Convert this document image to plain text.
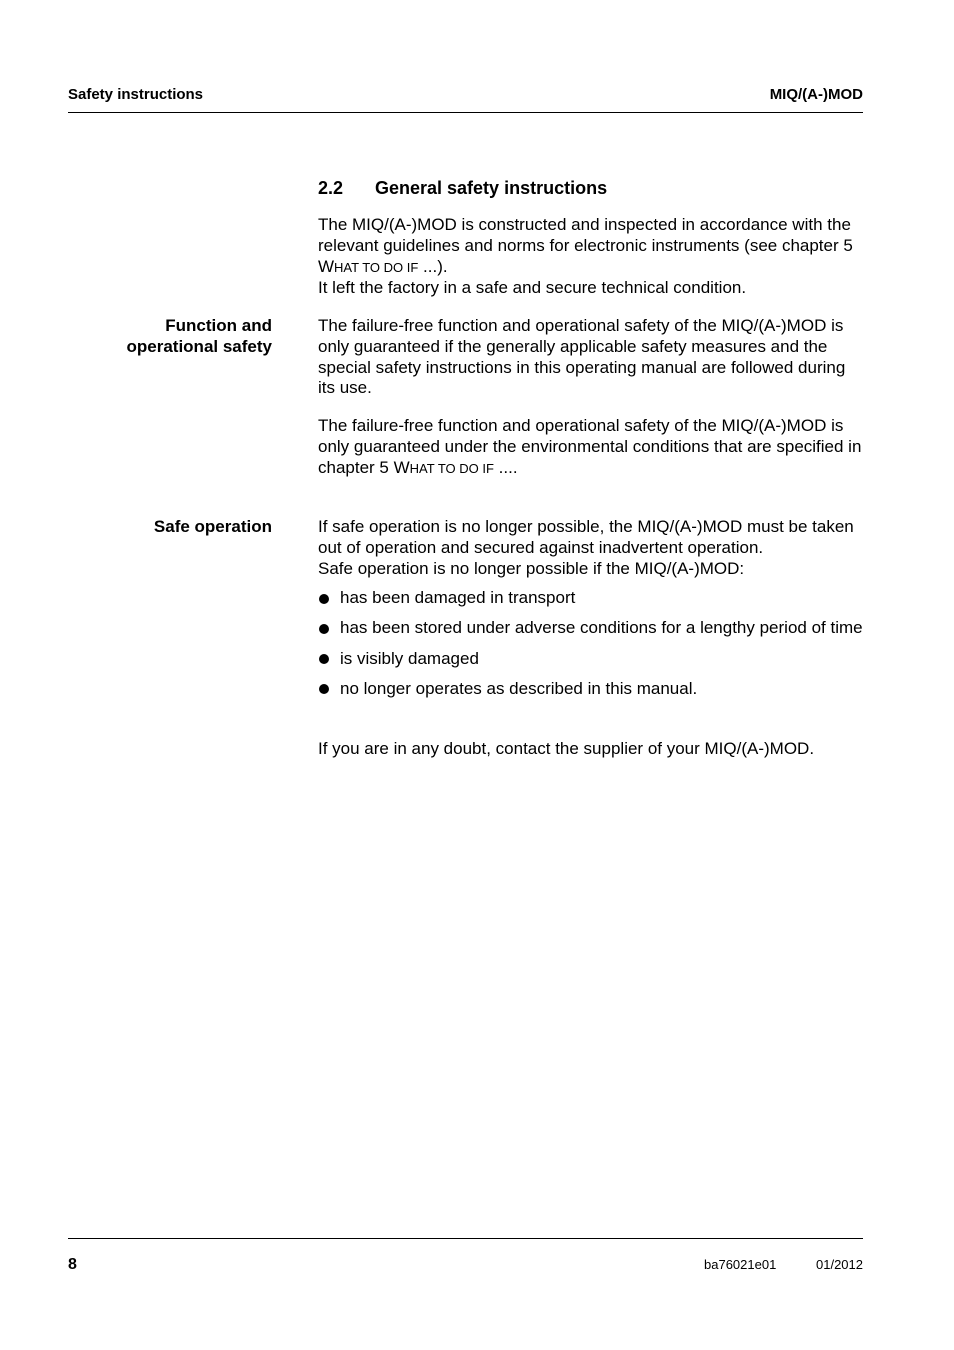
Safety instructions	MIQ/(A-)MOD
2.2 General safety instructions
The MIQ/(A-)MOD is constructed and inspected in accordance with the relevant guidelines and norms for electronic instruments (see chapter 5 WHAT TO DO IF ...).
It left the factory in a safe and secure technical condition.
Function and
operational safety
The failure-free function and operational safety of the MIQ/(A-)MOD is only guaranteed if the generally applicable safety measures and the special safety instructions in this operating manual are followed during its use.
The failure-free function and operational safety of the MIQ/(A-)MOD is only guaranteed under the environmental conditions that are specified in chapter 5 WHAT TO DO IF ....
Safe operation	If safe operation is no longer possible, the MIQ/(A-)MOD must be taken out of operation and secured against inadvertent operation.
Safe operation is no longer possible if the MIQ/(A-)MOD:
has been damaged in transport
has been stored under adverse conditions for a lengthy period of time
is visibly damaged
no longer operates as described in this manual.
If you are in any doubt, contact the supplier of your MIQ/(A-)MOD.
8	ba76021e01	01/2012
